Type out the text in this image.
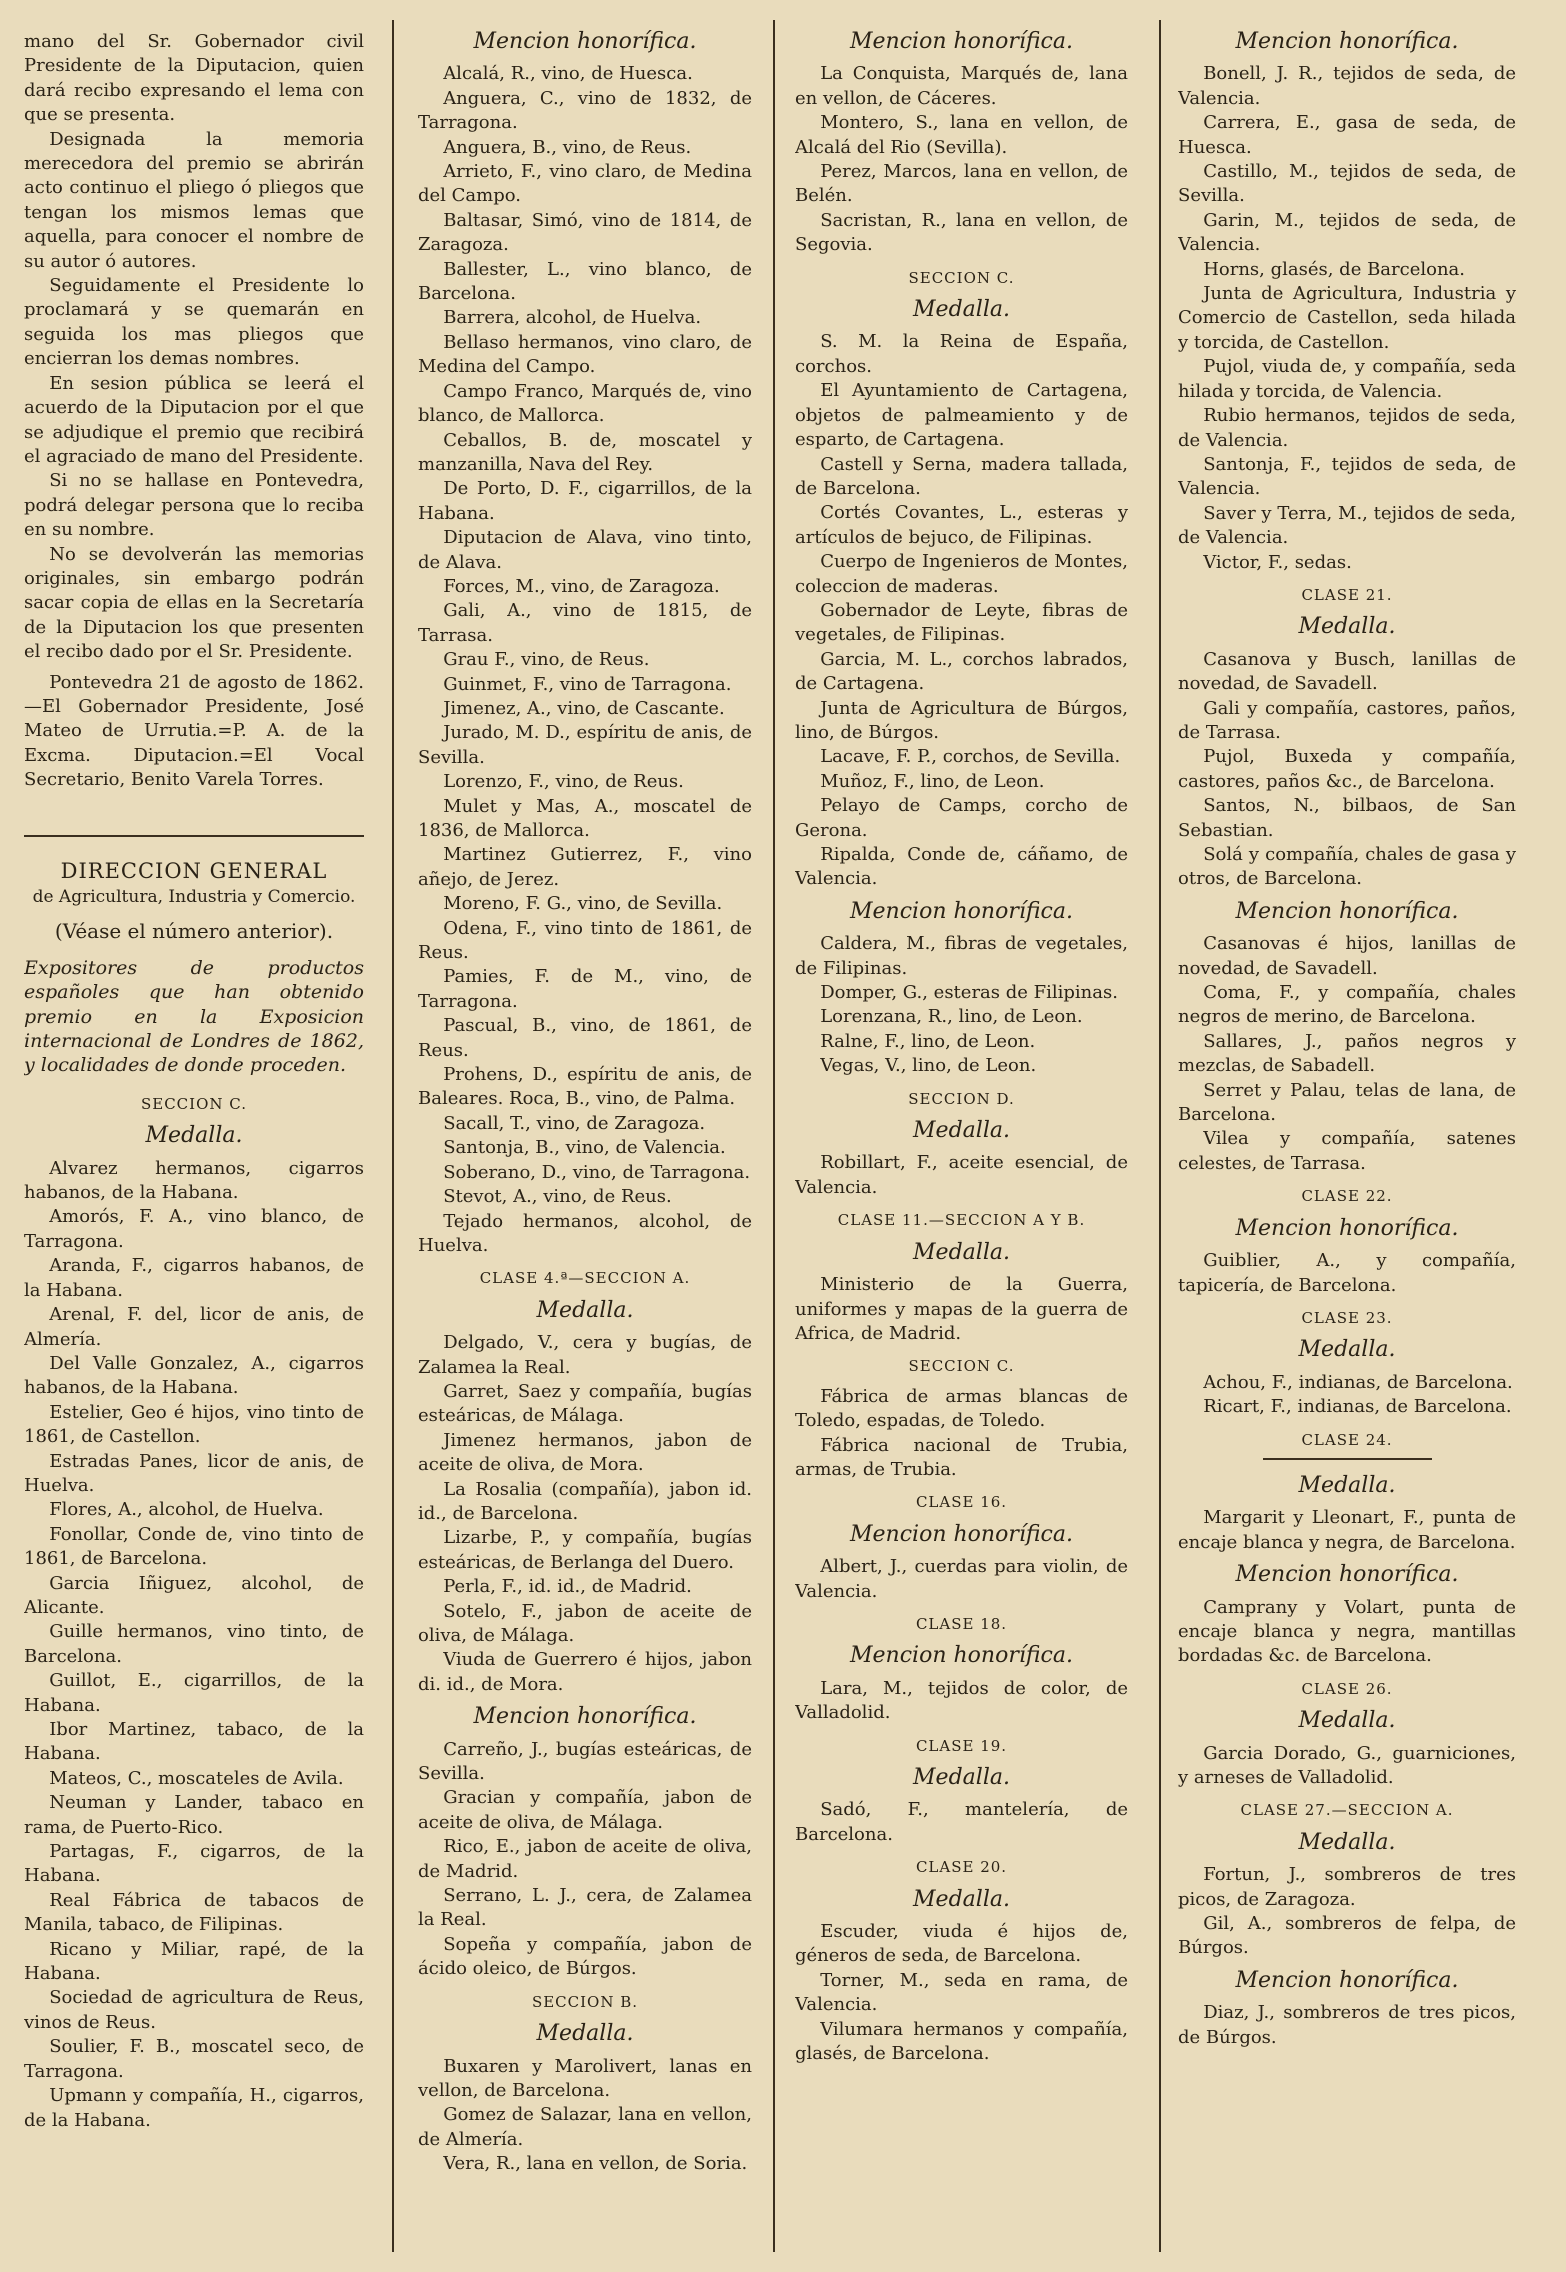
mano del Sr. Gobernador civil Presidente de la Diputacion, quien dará recibo expresando el lema con que se presenta.

Designada la memoria merecedora del premio se abrirán acto continuo el pliego ó pliegos que tengan los mismos lemas que aquella, para conocer el nombre de su autor ó autores.

Seguidamente el Presidente lo proclamará y se quemarán en seguida los mas pliegos que encierran los demas nombres.

En sesion pública se leerá el acuerdo de la Diputacion por el que se adjudique el premio que recibirá el agraciado de mano del Presidente.

Si no se hallase en Pontevedra, podrá delegar persona que lo reciba en su nombre.

No se devolverán las memorias originales, sin embargo podrán sacar copia de ellas en la Secretaría de la Diputacion los que presenten el recibo dado por el Sr. Presidente.

Pontevedra 21 de agosto de 1862.—El Gobernador Presidente, José Mateo de Urrutia.=P. A. de la Excma. Diputacion.=El Vocal Secretario, Benito Varela Torres.

DIRECCION GENERAL
de Agricultura, Industria y Comercio.
(Véase el número anterior).

Expositores de productos españoles que han obtenido premio en la Exposicion internacional de Londres de 1862, y localidades de donde proceden.

SECCION C.
Medalla.

Alvarez hermanos, cigarros habanos, de la Habana.

Amorós, F. A., vino blanco, de Tarragona.

Aranda, F., cigarros habanos, de la Habana.

Arenal, F. del, licor de anis, de Almería.

Del Valle Gonzalez, A., cigarros habanos, de la Habana.

Estelier, Geo é hijos, vino tinto de 1861, de Castellon.

Estradas Panes, licor de anis, de Huelva.

Flores, A., alcohol, de Huelva.

Fonollar, Conde de, vino tinto de 1861, de Barcelona.

Garcia Iñiguez, alcohol, de Alicante.

Guille hermanos, vino tinto, de Barcelona.

Guillot, E., cigarrillos, de la Habana.

Ibor Martinez, tabaco, de la Habana.

Mateos, C., moscateles de Avila.

Neuman y Lander, tabaco en rama, de Puerto-Rico.

Partagas, F., cigarros, de la Habana.

Real Fábrica de tabacos de Manila, tabaco, de Filipinas.

Ricano y Miliar, rapé, de la Habana.

Sociedad de agricultura de Reus, vinos de Reus.

Soulier, F. B., moscatel seco, de Tarragona.

Upmann y compañía, H., cigarros, de la Habana.

Mencion honorífica.

Alcalá, R., vino, de Huesca.

Anguera, C., vino de 1832, de Tarragona.

Anguera, B., vino, de Reus.

Arrieto, F., vino claro, de Medina del Campo.

Baltasar, Simó, vino de 1814, de Zaragoza.

Ballester, L., vino blanco, de Barcelona.

Barrera, alcohol, de Huelva.

Bellaso hermanos, vino claro, de Medina del Campo.

Campo Franco, Marqués de, vino blanco, de Mallorca.

Ceballos, B. de, moscatel y manzanilla, Nava del Rey.

De Porto, D. F., cigarrillos, de la Habana.

Diputacion de Alava, vino tinto, de Alava.

Forces, M., vino, de Zaragoza.

Gali, A., vino de 1815, de Tarrasa.

Grau F., vino, de Reus.

Guinmet, F., vino de Tarragona.

Jimenez, A., vino, de Cascante.

Jurado, M. D., espíritu de anis, de Sevilla.

Lorenzo, F., vino, de Reus.

Mulet y Mas, A., moscatel de 1836, de Mallorca.

Martinez Gutierrez, F., vino añejo, de Jerez.

Moreno, F. G., vino, de Sevilla.

Odena, F., vino tinto de 1861, de Reus.

Pamies, F. de M., vino, de Tarragona.

Pascual, B., vino, de 1861, de Reus.

Prohens, D., espíritu de anis, de Baleares. Roca, B., vino, de Palma.

Sacall, T., vino, de Zaragoza.

Santonja, B., vino, de Valencia.

Soberano, D., vino, de Tarragona.

Stevot, A., vino, de Reus.

Tejado hermanos, alcohol, de Huelva.

CLASE 4.ª—SECCION A.
Medalla.

Delgado, V., cera y bugías, de Zalamea la Real.

Garret, Saez y compañía, bugías esteáricas, de Málaga.

Jimenez hermanos, jabon de aceite de oliva, de Mora.

La Rosalia (compañía), jabon id. id., de Barcelona.

Lizarbe, P., y compañía, bugías esteáricas, de Berlanga del Duero.

Perla, F., id. id., de Madrid.

Sotelo, F., jabon de aceite de oliva, de Málaga.

Viuda de Guerrero é hijos, jabon di. id., de Mora.

Mencion honorífica.

Carreño, J., bugías esteáricas, de Sevilla.

Gracian y compañía, jabon de aceite de oliva, de Málaga.

Rico, E., jabon de aceite de oliva, de Madrid.

Serrano, L. J., cera, de Zalamea la Real.

Sopeña y compañía, jabon de ácido oleico, de Búrgos.

SECCION B.
Medalla.

Buxaren y Marolivert, lanas en vellon, de Barcelona.

Gomez de Salazar, lana en vellon, de Almería.

Vera, R., lana en vellon, de Soria.

Mencion honorífica.

La Conquista, Marqués de, lana en vellon, de Cáceres.

Montero, S., lana en vellon, de Alcalá del Rio (Sevilla).

Perez, Marcos, lana en vellon, de Belén.

Sacristan, R., lana en vellon, de Segovia.

SECCION C.
Medalla.

S. M. la Reina de España, corchos.

El Ayuntamiento de Cartagena, objetos de palmeamiento y de esparto, de Cartagena.

Castell y Serna, madera tallada, de Barcelona.

Cortés Covantes, L., esteras y artículos de bejuco, de Filipinas.

Cuerpo de Ingenieros de Montes, coleccion de maderas.

Gobernador de Leyte, fibras de vegetales, de Filipinas.

Garcia, M. L., corchos labrados, de Cartagena.

Junta de Agricultura de Búrgos, lino, de Búrgos.

Lacave, F. P., corchos, de Sevilla.

Muñoz, F., lino, de Leon.

Pelayo de Camps, corcho de Gerona.

Ripalda, Conde de, cáñamo, de Valencia.

Mencion honorífica.

Caldera, M., fibras de vegetales, de Filipinas.

Domper, G., esteras de Filipinas.

Lorenzana, R., lino, de Leon.

Ralne, F., lino, de Leon.

Vegas, V., lino, de Leon.

SECCION D.
Medalla.

Robillart, F., aceite esencial, de Valencia.

CLASE 11.—SECCION A Y B.
Medalla.

Ministerio de la Guerra, uniformes y mapas de la guerra de Africa, de Madrid.

SECCION C.

Fábrica de armas blancas de Toledo, espadas, de Toledo.

Fábrica nacional de Trubia, armas, de Trubia.

CLASE 16.
Mencion honorífica.

Albert, J., cuerdas para violin, de Valencia.

CLASE 18.
Mencion honorífica.

Lara, M., tejidos de color, de Valladolid.

CLASE 19.
Medalla.

Sadó, F., mantelería, de Barcelona.

CLASE 20.
Medalla.

Escuder, viuda é hijos de, géneros de seda, de Barcelona.

Torner, M., seda en rama, de Valencia.

Vilumara hermanos y compañía, glasés, de Barcelona.

Mencion honorífica.

Bonell, J. R., tejidos de seda, de Valencia.

Carrera, E., gasa de seda, de Huesca.

Castillo, M., tejidos de seda, de Sevilla.

Garin, M., tejidos de seda, de Valencia.

Horns, glasés, de Barcelona.

Junta de Agricultura, Industria y Comercio de Castellon, seda hilada y torcida, de Castellon.

Pujol, viuda de, y compañía, seda hilada y torcida, de Valencia.

Rubio hermanos, tejidos de seda, de Valencia.

Santonja, F., tejidos de seda, de Valencia.

Saver y Terra, M., tejidos de seda, de Valencia.

Victor, F., sedas.

CLASE 21.
Medalla.

Casanova y Busch, lanillas de novedad, de Savadell.

Gali y compañía, castores, paños, de Tarrasa.

Pujol, Buxeda y compañía, castores, paños &c., de Barcelona.

Santos, N., bilbaos, de San Sebastian.

Solá y compañía, chales de gasa y otros, de Barcelona.

Mencion honorífica.

Casanovas é hijos, lanillas de novedad, de Savadell.

Coma, F., y compañía, chales negros de merino, de Barcelona.

Sallares, J., paños negros y mezclas, de Sabadell.

Serret y Palau, telas de lana, de Barcelona.

Vilea y compañía, satenes celestes, de Tarrasa.

CLASE 22.
Mencion honorífica.

Guiblier, A., y compañía, tapicería, de Barcelona.

CLASE 23.
Medalla.

Achou, F., indianas, de Barcelona.

Ricart, F., indianas, de Barcelona.

CLASE 24.
Medalla.

Margarit y Lleonart, F., punta de encaje blanca y negra, de Barcelona.

Mencion honorífica.

Camprany y Volart, punta de encaje blanca y negra, mantillas bordadas &c. de Barcelona.

CLASE 26.
Medalla.

Garcia Dorado, G., guarniciones, y arneses de Valladolid.

CLASE 27.—SECCION A.
Medalla.

Fortun, J., sombreros de tres picos, de Zaragoza.

Gil, A., sombreros de felpa, de Búrgos.

Mencion honorífica.

Diaz, J., sombreros de tres picos, de Búrgos.
